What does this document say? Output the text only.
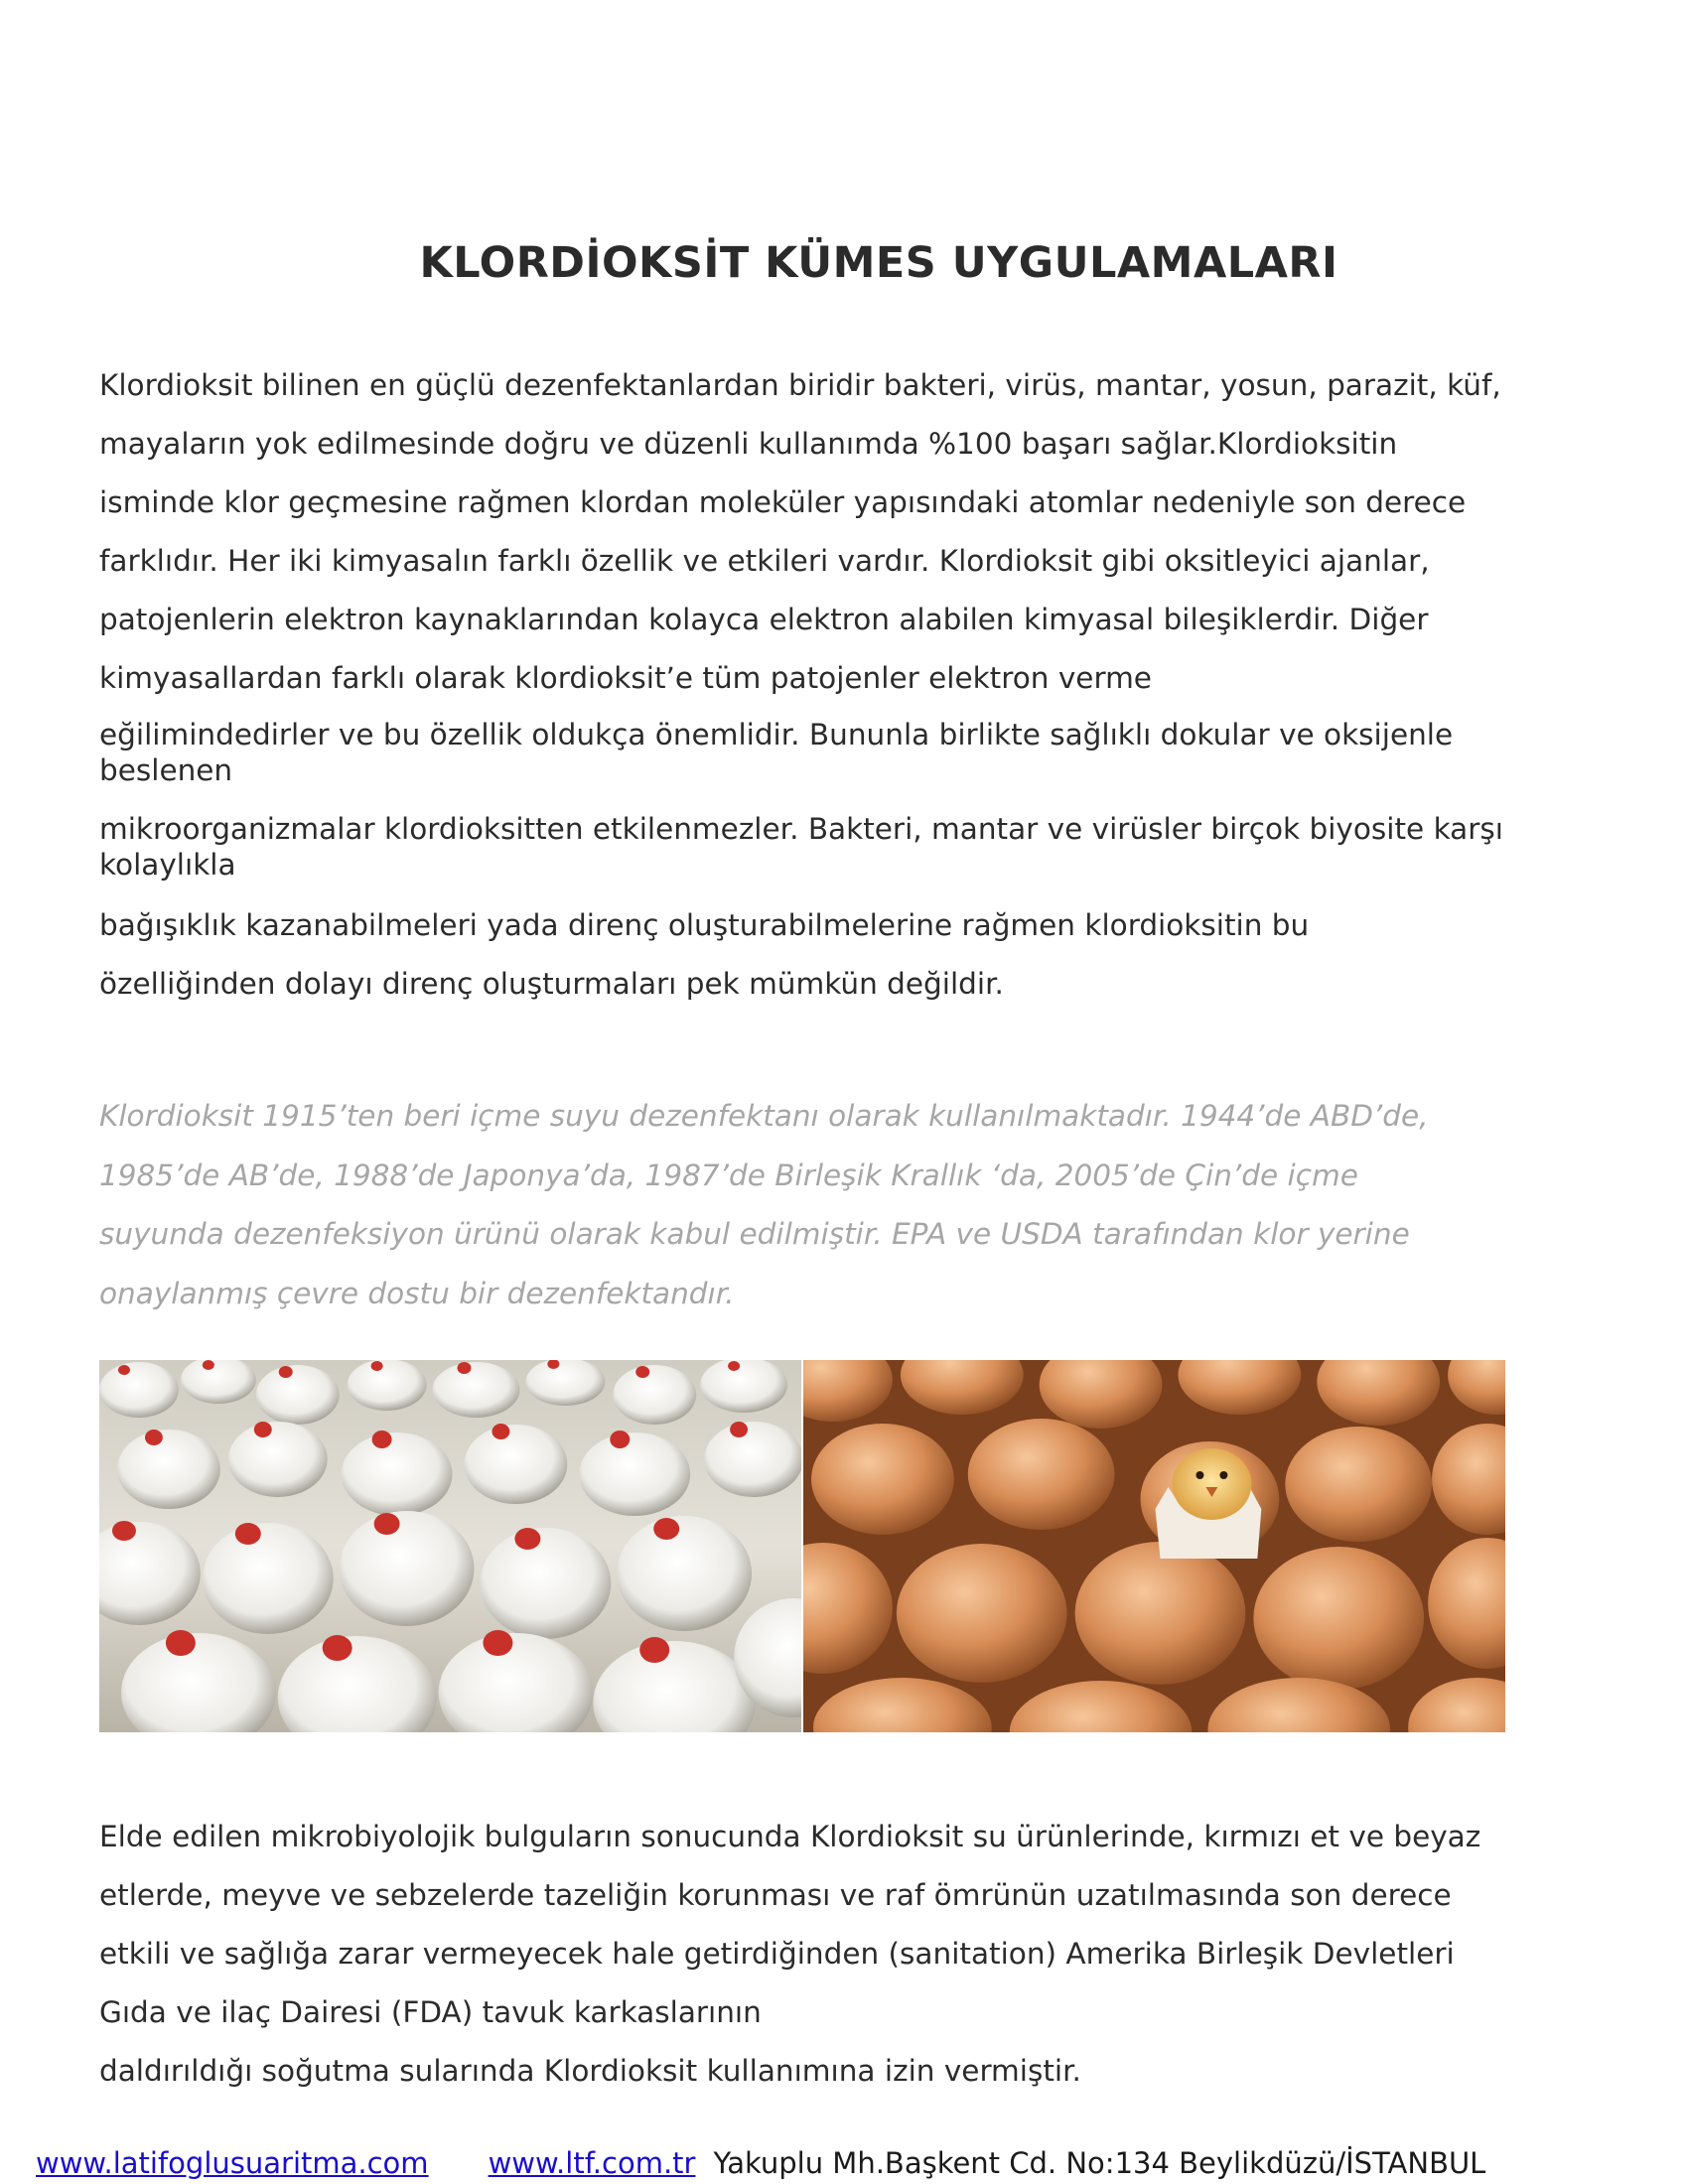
KLORDİOKSİT KÜMES UYGULAMALARI

Klordioksit bilinen en güçlü dezenfektanlardan biridir bakteri, virüs, mantar, yosun, parazit, küf,
mayaların yok edilmesinde doğru ve düzenli kullanımda %100 başarı sağlar.Klordioksitin
isminde klor geçmesine rağmen klordan moleküler yapısındaki atomlar nedeniyle son derece
farklıdır. Her iki kimyasalın farklı özellik ve etkileri vardır. Klordioksit gibi oksitleyici ajanlar,
patojenlerin elektron kaynaklarından kolayca elektron alabilen kimyasal bileşiklerdir. Diğer
kimyasallardan farklı olarak klordioksit’e tüm patojenler elektron verme
eğilimindedirler ve bu özellik oldukça önemlidir. Bununla birlikte sağlıklı dokular ve oksijenle
beslenen
mikroorganizmalar klordioksitten etkilenmezler. Bakteri, mantar ve virüsler birçok biyosite karşı
kolaylıkla
bağışıklık kazanabilmeleri yada direnç oluşturabilmelerine rağmen klordioksitin bu
özelliğinden dolayı direnç oluşturmaları pek mümkün değildir.

Klordioksit 1915’ten beri içme suyu dezenfektanı olarak kullanılmaktadır. 1944’de ABD’de,
1985’de AB’de, 1988’de Japonya’da, 1987’de Birleşik Krallık ‘da, 2005’de Çin’de içme
suyunda dezenfeksiyon ürünü olarak kabul edilmiştir. EPA ve USDA tarafından klor yerine
onaylanmış çevre dostu bir dezenfektandır.

Elde edilen mikrobiyolojik bulguların sonucunda Klordioksit su ürünlerinde, kırmızı et ve beyaz
etlerde, meyve ve sebzelerde tazeliğin korunması ve raf ömrünün uzatılmasında son derece
etkili ve sağlığa zarar vermeyecek hale getirdiğinden (sanitation) Amerika Birleşik Devletleri
Gıda ve ilaç Dairesi (FDA) tavuk karkaslarının
daldırıldığı soğutma sularında Klordioksit kullanımına izin vermiştir.

www.latifoglusuaritma.com www.ltf.com.tr Yakuplu Mh.Başkent Cd. No:134 Beylikdüzü/İSTANBUL
